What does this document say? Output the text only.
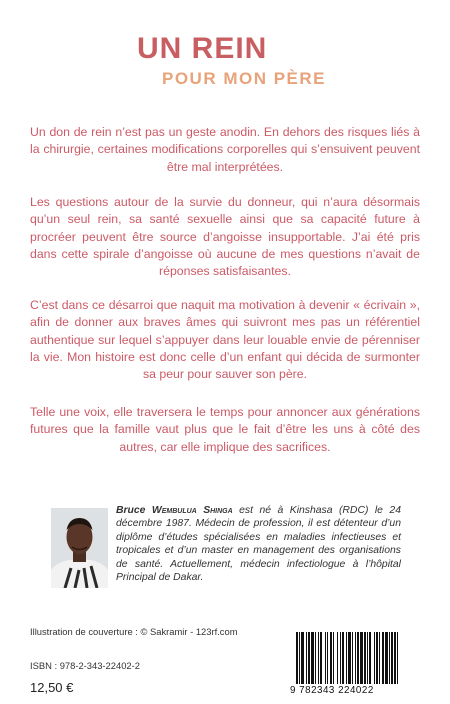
UN REIN
POUR MON PÈRE
Un don de rein n’est pas un geste anodin. En dehors des risques liés à la chirurgie, certaines modifications corporelles qui s’ensuivent peuvent être mal interprétées.
Les questions autour de la survie du donneur, qui n’aura désormais qu’un seul rein, sa santé sexuelle ainsi que sa capacité future à procréer peuvent être source d’angoisse insupportable. J’ai été pris dans cette spirale d’angoisse où aucune de mes questions n’avait de réponses satisfaisantes.
C’est dans ce désarroi que naquit ma motivation à devenir « écrivain », afin de donner aux braves âmes qui suivront mes pas un référentiel authentique sur lequel s’appuyer dans leur louable envie de pérenniser la vie. Mon histoire est donc celle d’un enfant qui décida de surmonter sa peur pour sauver son père.
Telle une voix, elle traversera le temps pour annoncer aux générations futures que la famille vaut plus que le fait d’être les uns à côté des autres, car elle implique des sacrifices.
Bruce Wembulua Shinga est né à Kinshasa (RDC) le 24 décembre 1987. Médecin de profession, il est détenteur d’un diplôme d’études spécialisées en maladies infectieuses et tropicales et d’un master en management des organisations de santé. Actuellement, médecin infectiologue à l’hôpital Principal de Dakar.
Illustration de couverture : © Sakramir - 123rf.com
ISBN : 978-2-343-22402-2
12,50 €	9 782343 224022
